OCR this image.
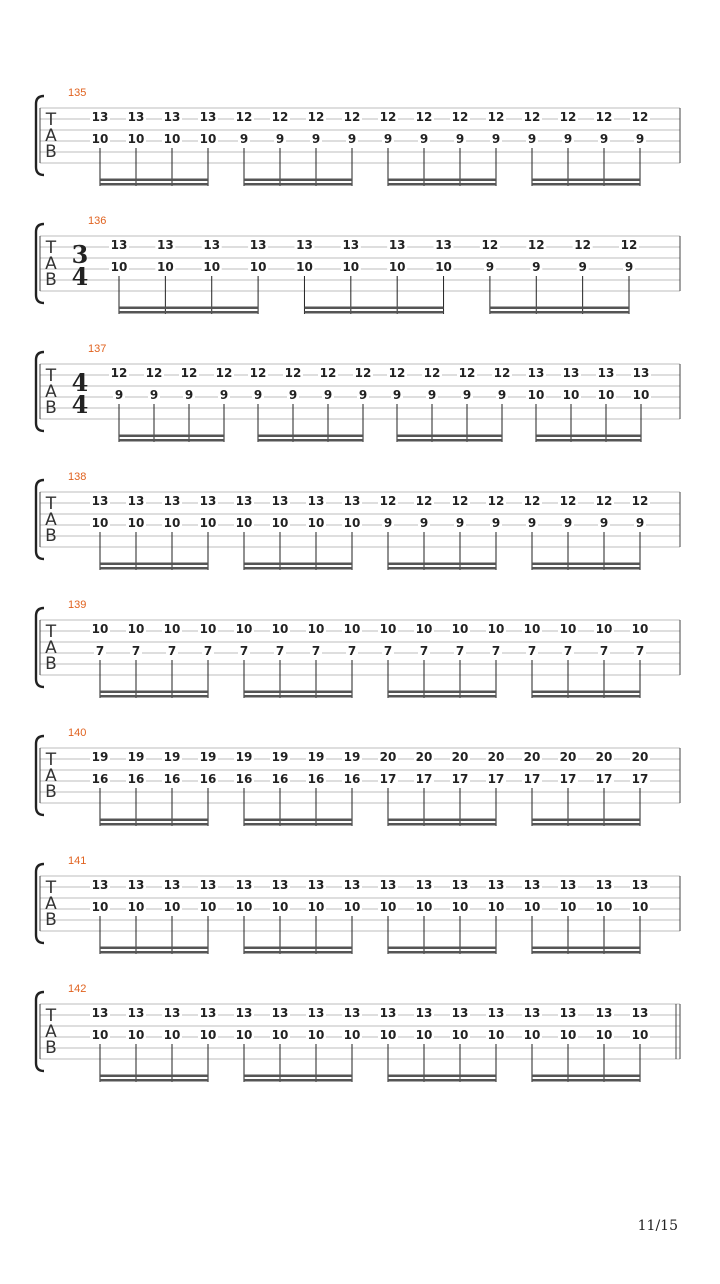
T
A
B
135
13
10
13
10
13
10
13
10
12
9
12
9
12
9
12
9
12
9
12
9
12
9
12
9
12
9
12
9
12
9
12
9
T
A
B
136
3
4
13
10
13
10
13
10
13
10
13
10
13
10
13
10
13
10
12
9
12
9
12
9
12
9
T
A
B
137
4
4
12
9
12
9
12
9
12
9
12
9
12
9
12
9
12
9
12
9
12
9
12
9
12
9
13
10
13
10
13
10
13
10
T
A
B
138
13
10
13
10
13
10
13
10
13
10
13
10
13
10
13
10
12
9
12
9
12
9
12
9
12
9
12
9
12
9
12
9
T
A
B
139
10
7
10
7
10
7
10
7
10
7
10
7
10
7
10
7
10
7
10
7
10
7
10
7
10
7
10
7
10
7
10
7
T
A
B
140
19
16
19
16
19
16
19
16
19
16
19
16
19
16
19
16
20
17
20
17
20
17
20
17
20
17
20
17
20
17
20
17
T
A
B
141
13
10
13
10
13
10
13
10
13
10
13
10
13
10
13
10
13
10
13
10
13
10
13
10
13
10
13
10
13
10
13
10
T
A
B
142
13
10
13
10
13
10
13
10
13
10
13
10
13
10
13
10
13
10
13
10
13
10
13
10
13
10
13
10
13
10
13
10
11/15
